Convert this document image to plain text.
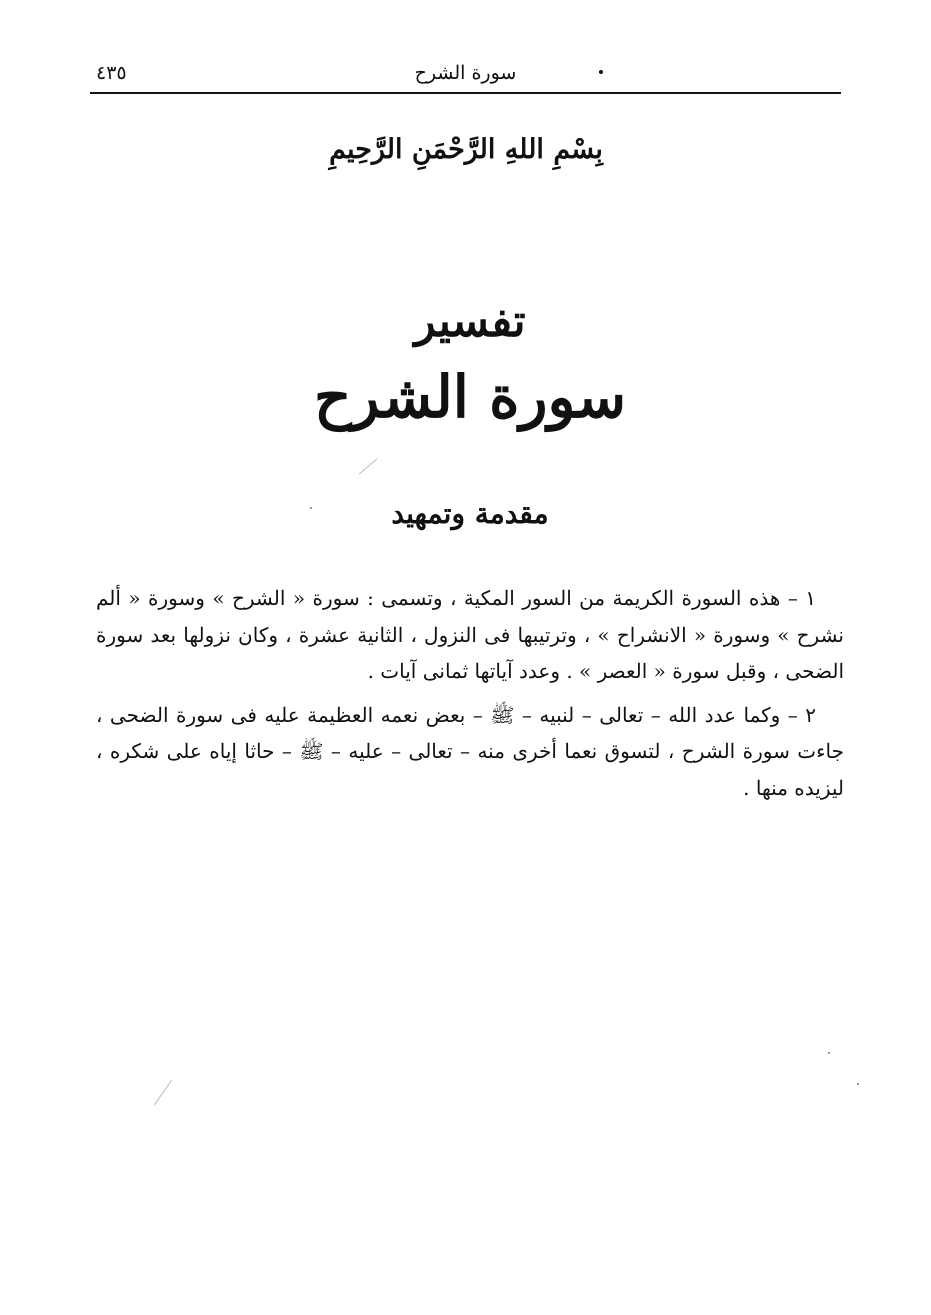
سورة الشرح
٤٣٥
بِسْمِ اللهِ الرَّحْمَنِ الرَّحِيمِ
تفسير
سورة الشرح
مقدمة وتمهيد

١ – هذه السورة الكريمة من السور المكية ، وتسمى : سورة « الشرح » وسورة « ألم نشرح » وسورة « الانشراح » ، وترتيبها فى النزول ، الثانية عشرة ، وكان نزولها بعد سورة الضحى ، وقبل سورة « العصر » . وعدد آياتها ثمانى آيات .

٢ – وكما عدد الله – تعالى – لنبيه – ﷺ – بعض نعمه العظيمة عليه فى سورة الضحى ، جاءت سورة الشرح ، لتسوق نعما أخرى منه – تعالى – عليه – ﷺ – حاثا إياه على شكره ، ليزيده منها .
